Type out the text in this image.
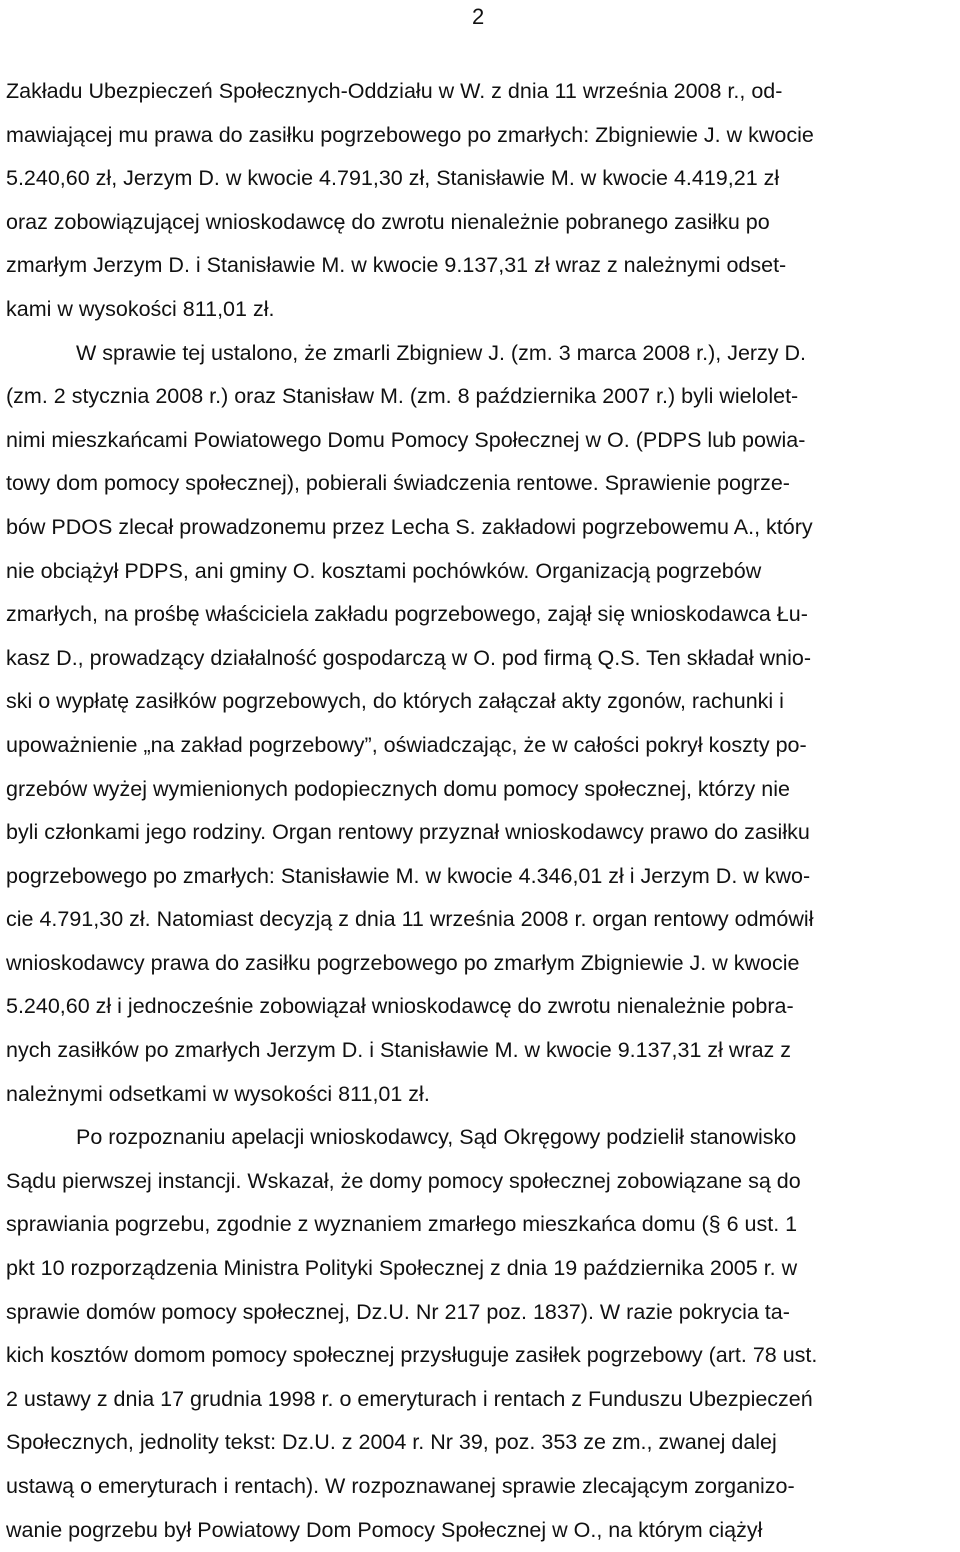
2
Zakładu Ubezpieczeń Społecznych-Oddziału w W. z dnia 11 września 2008 r., od-
mawiającej mu prawa do zasiłku pogrzebowego po zmarłych: Zbigniewie J. w kwocie
5.240,60 zł, Jerzym D. w kwocie 4.791,30 zł, Stanisławie M. w kwocie 4.419,21 zł
oraz zobowiązującej wnioskodawcę do zwrotu nienależnie pobranego zasiłku po
zmarłym Jerzym D. i Stanisławie M. w kwocie 9.137,31 zł wraz z należnymi odset-
kami w wysokości 811,01 zł.
W sprawie tej ustalono, że zmarli Zbigniew J. (zm. 3 marca 2008 r.), Jerzy D.
(zm. 2 stycznia 2008 r.) oraz Stanisław M. (zm. 8 października 2007 r.) byli wielolet-
nimi mieszkańcami Powiatowego Domu Pomocy Społecznej w O. (PDPS lub powia-
towy dom pomocy społecznej), pobierali świadczenia rentowe. Sprawienie pogrze-
bów PDOS zlecał prowadzonemu przez Lecha S. zakładowi pogrzebowemu A., który
nie obciążył PDPS, ani gminy O. kosztami pochówków. Organizacją pogrzebów
zmarłych, na prośbę właściciela zakładu pogrzebowego, zajął się wnioskodawca Łu-
kasz D., prowadzący działalność gospodarczą w O. pod firmą Q.S. Ten składał wnio-
ski o wypłatę zasiłków pogrzebowych, do których załączał akty zgonów, rachunki i
upoważnienie „na zakład pogrzebowy”, oświadczając, że w całości pokrył koszty po-
grzebów wyżej wymienionych podopiecznych domu pomocy społecznej, którzy nie
byli członkami jego rodziny. Organ rentowy przyznał wnioskodawcy prawo do zasiłku
pogrzebowego po zmarłych: Stanisławie M. w kwocie 4.346,01 zł i Jerzym D. w kwo-
cie 4.791,30 zł. Natomiast decyzją z dnia 11 września 2008 r. organ rentowy odmówił
wnioskodawcy prawa do zasiłku pogrzebowego po zmarłym Zbigniewie J. w kwocie
5.240,60 zł i jednocześnie zobowiązał wnioskodawcę do zwrotu nienależnie pobra-
nych zasiłków po zmarłych Jerzym D. i Stanisławie M. w kwocie 9.137,31 zł wraz z
należnymi odsetkami w wysokości 811,01 zł.
Po rozpoznaniu apelacji wnioskodawcy, Sąd Okręgowy podzielił stanowisko
Sądu pierwszej instancji. Wskazał, że domy pomocy społecznej zobowiązane są do
sprawiania pogrzebu, zgodnie z wyznaniem zmarłego mieszkańca domu (§ 6 ust. 1
pkt 10 rozporządzenia Ministra Polityki Społecznej z dnia 19 października 2005 r. w
sprawie domów pomocy społecznej, Dz.U. Nr 217 poz. 1837). W razie pokrycia ta-
kich kosztów domom pomocy społecznej przysługuje zasiłek pogrzebowy (art. 78 ust.
2 ustawy z dnia 17 grudnia 1998 r. o emeryturach i rentach z Funduszu Ubezpieczeń
Społecznych, jednolity tekst: Dz.U. z 2004 r. Nr 39, poz. 353 ze zm., zwanej dalej
ustawą o emeryturach i rentach). W rozpoznawanej sprawie zlecającym zorganizo-
wanie pogrzebu był Powiatowy Dom Pomocy Społecznej w O., na którym ciążył
